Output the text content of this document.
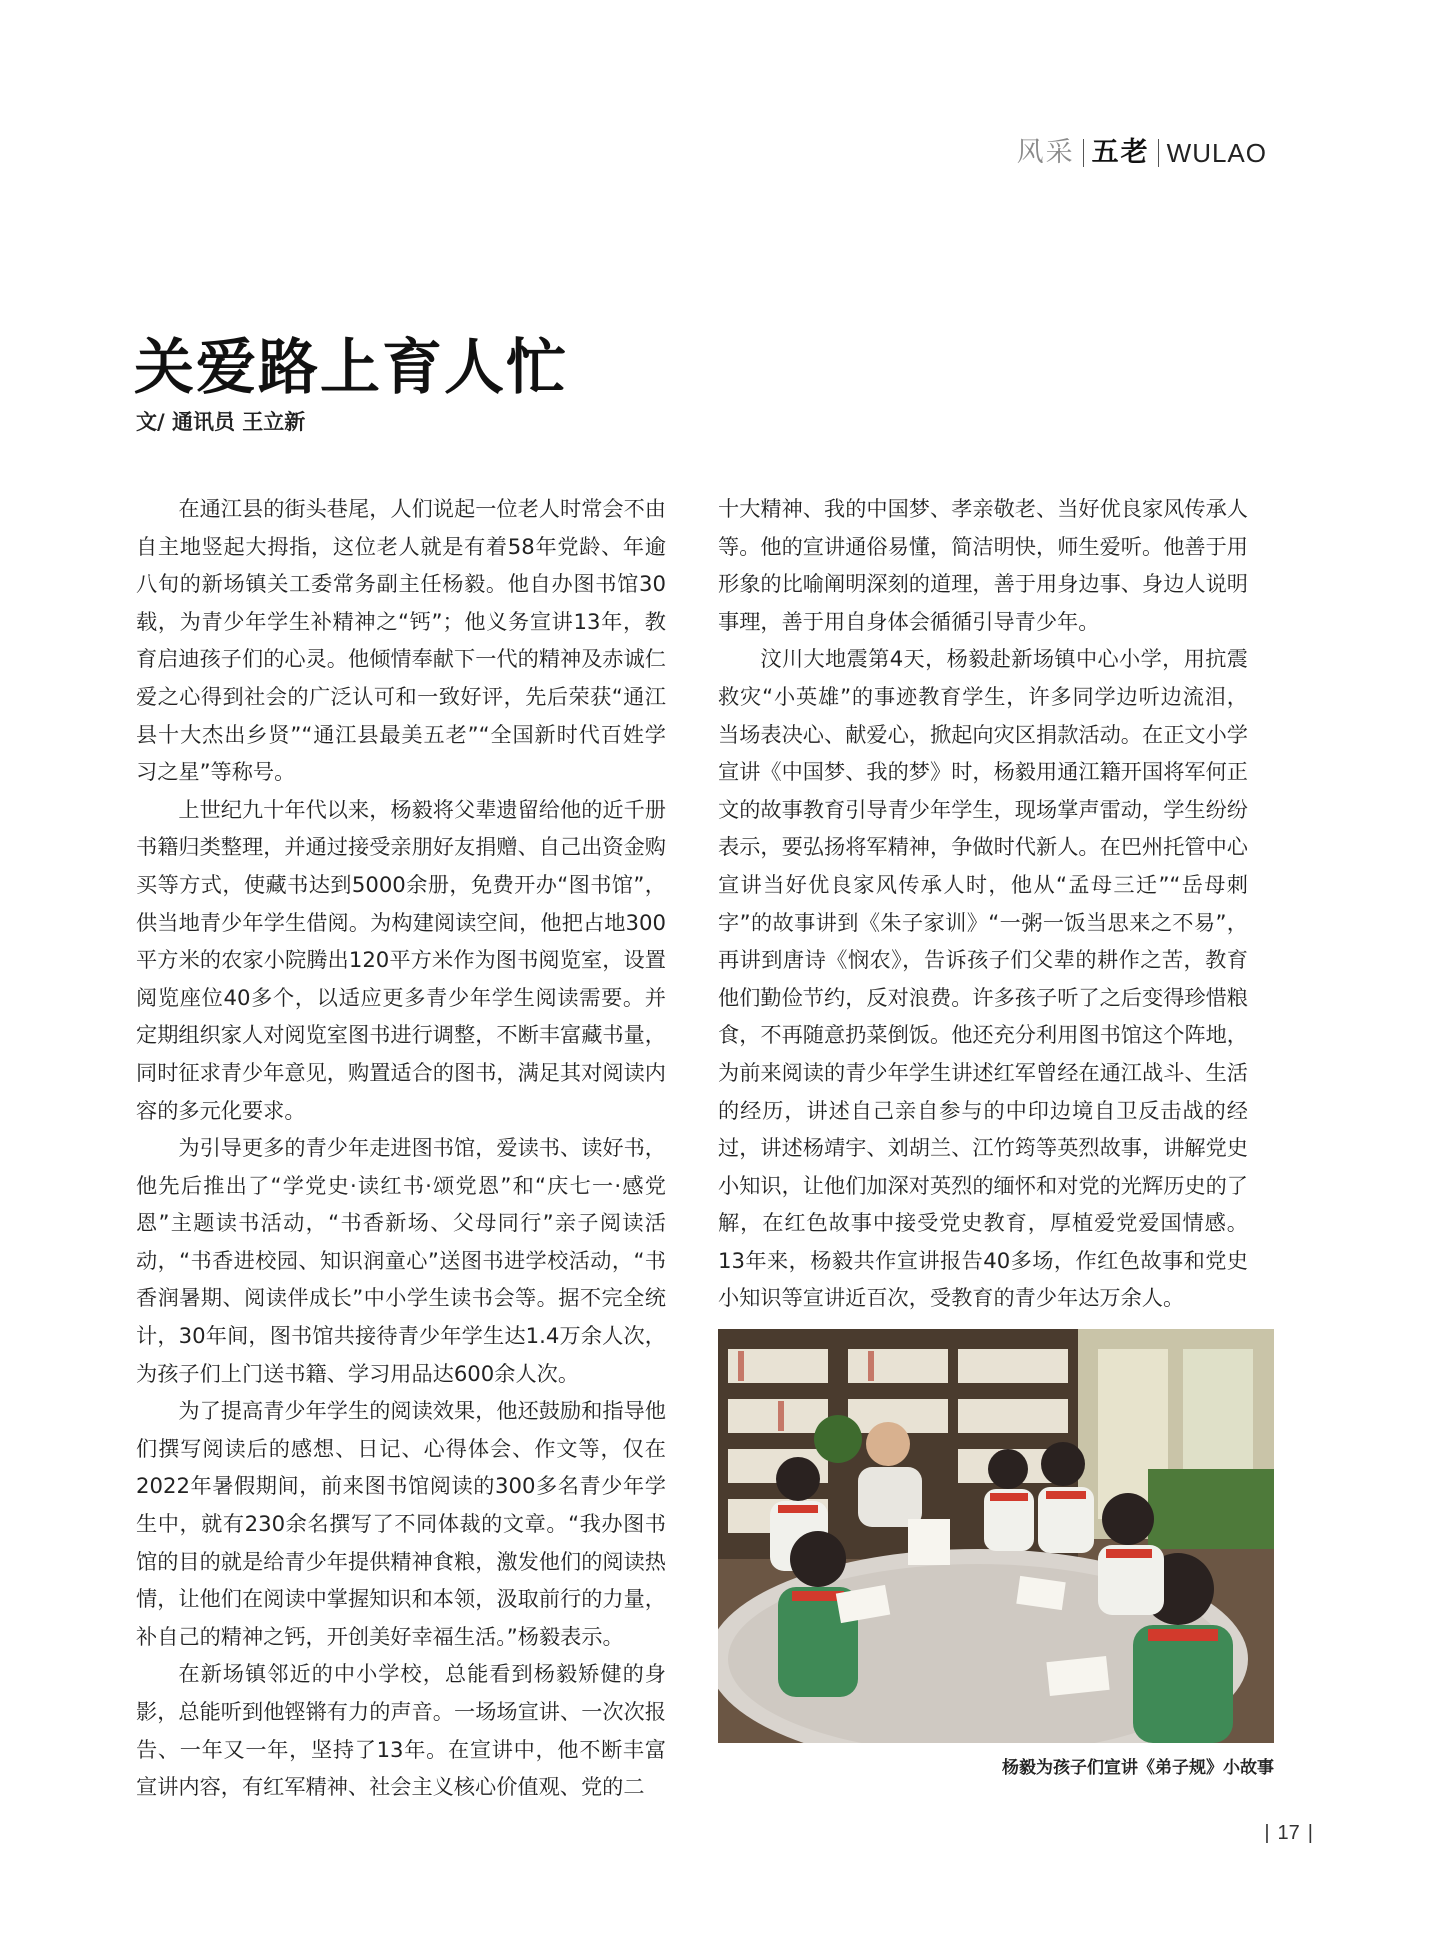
风采 五老 WULAO
关爱路上育人忙
文/ 通讯员 王立新

在通江县的街头巷尾，人们说起一位老人时常会不由自主地竖起大拇指，这位老人就是有着58年党龄、年逾八旬的新场镇关工委常务副主任杨毅。他自办图书馆30载，为青少年学生补精神之“钙”；他义务宣讲13年，教育启迪孩子们的心灵。他倾情奉献下一代的精神及赤诚仁爱之心得到社会的广泛认可和一致好评，先后荣获“通江县十大杰出乡贤”“通江县最美五老”“全国新时代百姓学习之星”等称号。

上世纪九十年代以来，杨毅将父辈遗留给他的近千册书籍归类整理，并通过接受亲朋好友捐赠、自己出资金购买等方式，使藏书达到5000余册，免费开办“图书馆”，供当地青少年学生借阅。为构建阅读空间，他把占地300平方米的农家小院腾出120平方米作为图书阅览室，设置阅览座位40多个，以适应更多青少年学生阅读需要。并定期组织家人对阅览室图书进行调整，不断丰富藏书量，同时征求青少年意见，购置适合的图书，满足其对阅读内容的多元化要求。

为引导更多的青少年走进图书馆，爱读书、读好书，他先后推出了“学党史·读红书·颂党恩”和“庆七一·感党恩”主题读书活动，“书香新场、父母同行”亲子阅读活动，“书香进校园、知识润童心”送图书进学校活动，“书香润暑期、阅读伴成长”中小学生读书会等。据不完全统计，30年间，图书馆共接待青少年学生达1.4万余人次，为孩子们上门送书籍、学习用品达600余人次。

为了提高青少年学生的阅读效果，他还鼓励和指导他们撰写阅读后的感想、日记、心得体会、作文等，仅在2022年暑假期间，前来图书馆阅读的300多名青少年学生中，就有230余名撰写了不同体裁的文章。“我办图书馆的目的就是给青少年提供精神食粮，激发他们的阅读热情，让他们在阅读中掌握知识和本领，汲取前行的力量，补自己的精神之钙，开创美好幸福生活。”杨毅表示。

在新场镇邻近的中小学校，总能看到杨毅矫健的身影，总能听到他铿锵有力的声音。一场场宣讲、一次次报告、一年又一年，坚持了13年。在宣讲中，他不断丰富宣讲内容，有红军精神、社会主义核心价值观、党的二

十大精神、我的中国梦、孝亲敬老、当好优良家风传承人等。他的宣讲通俗易懂，简洁明快，师生爱听。他善于用形象的比喻阐明深刻的道理，善于用身边事、身边人说明事理，善于用自身体会循循引导青少年。

汶川大地震第4天，杨毅赴新场镇中心小学，用抗震救灾“小英雄”的事迹教育学生，许多同学边听边流泪，当场表决心、献爱心，掀起向灾区捐款活动。在正文小学宣讲《中国梦、我的梦》时，杨毅用通江籍开国将军何正文的故事教育引导青少年学生，现场掌声雷动，学生纷纷表示，要弘扬将军精神，争做时代新人。在巴州托管中心宣讲当好优良家风传承人时，他从“孟母三迁”“岳母刺字”的故事讲到《朱子家训》“一粥一饭当思来之不易”，再讲到唐诗《悯农》，告诉孩子们父辈的耕作之苦，教育他们勤俭节约，反对浪费。许多孩子听了之后变得珍惜粮食，不再随意扔菜倒饭。他还充分利用图书馆这个阵地，为前来阅读的青少年学生讲述红军曾经在通江战斗、生活的经历，讲述自己亲自参与的中印边境自卫反击战的经过，讲述杨靖宇、刘胡兰、江竹筠等英烈故事，讲解党史小知识，让他们加深对英烈的缅怀和对党的光辉历史的了解，在红色故事中接受党史教育，厚植爱党爱国情感。13年来，杨毅共作宣讲报告40多场，作红色故事和党史小知识等宣讲近百次，受教育的青少年达万余人。

杨毅为孩子们宣讲《弟子规》小故事
| 17 |
